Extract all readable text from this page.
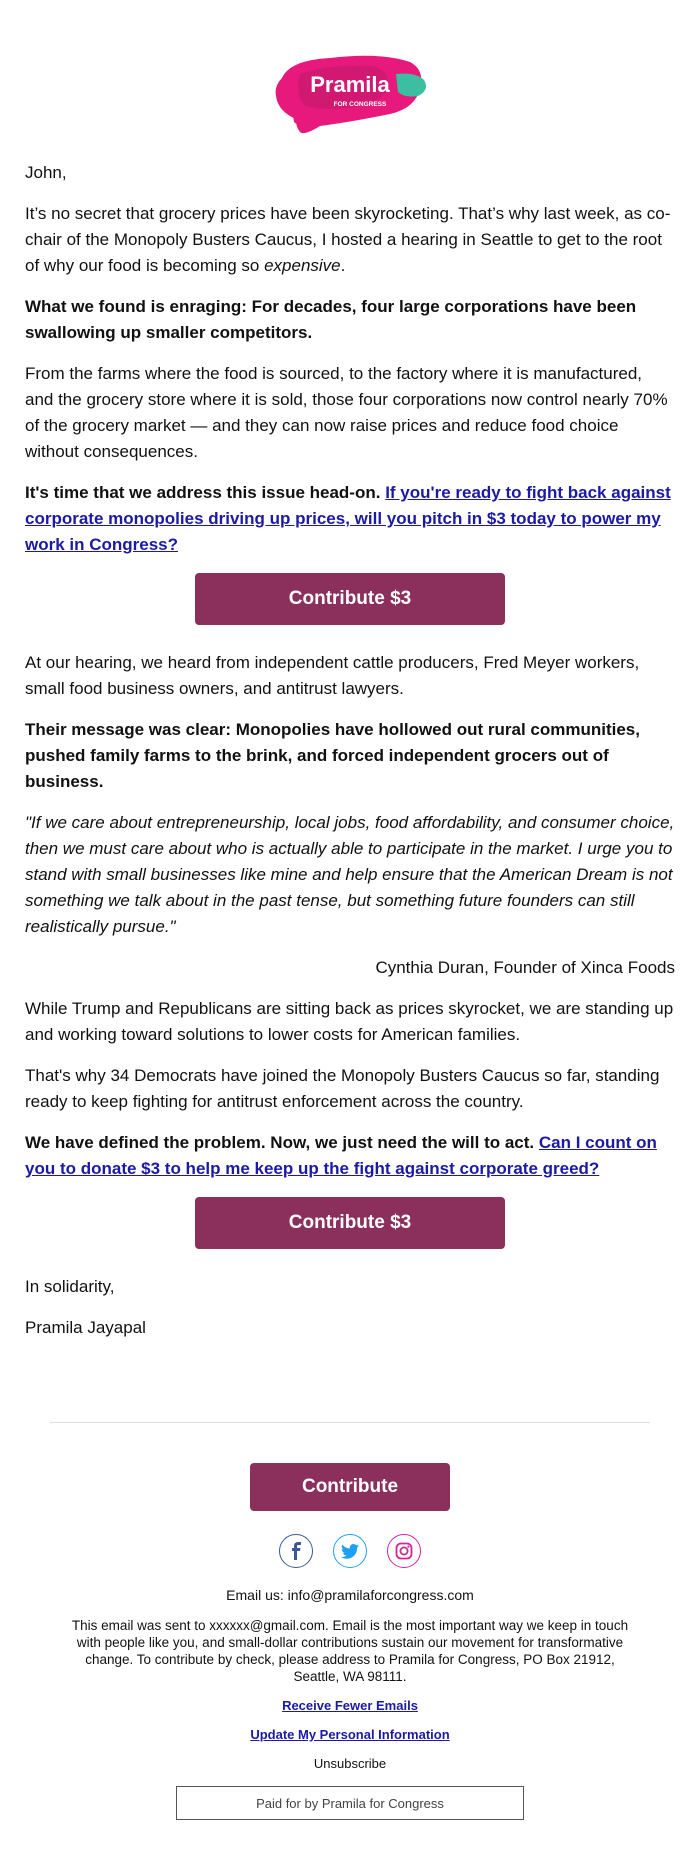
Pramila
FOR CONGRESS

John,

It’s no secret that grocery prices have been skyrocketing. That’s why last week, as co-chair of the Monopoly Busters Caucus, I hosted a hearing in Seattle to get to the root of why our food is becoming so expensive.

What we found is enraging: For decades, four large corporations have been swallowing up smaller competitors.

From the farms where the food is sourced, to the factory where it is manufactured, and the grocery store where it is sold, those four corporations now control nearly 70% of the grocery market — and they can now raise prices and reduce food choice without consequences.

It's time that we address this issue head-on. If you're ready to fight back against corporate monopolies driving up prices, will you pitch in $3 today to power my work in Congress?

Contribute $3

At our hearing, we heard from independent cattle producers, Fred Meyer workers, small food business owners, and antitrust lawyers.

Their message was clear: Monopolies have hollowed out rural communities, pushed family farms to the brink, and forced independent grocers out of business.

"If we care about entrepreneurship, local jobs, food affordability, and consumer choice, then we must care about who is actually able to participate in the market. I urge you to stand with small businesses like mine and help ensure that the American Dream is not something we talk about in the past tense, but something future founders can still realistically pursue."

Cynthia Duran, Founder of Xinca Foods

While Trump and Republicans are sitting back as prices skyrocket, we are standing up and working toward solutions to lower costs for American families.

That's why 34 Democrats have joined the Monopoly Busters Caucus so far, standing ready to keep fighting for antitrust enforcement across the country.

We have defined the problem. Now, we just need the will to act. Can I count on you to donate $3 to help me keep up the fight against corporate greed?

Contribute $3

In solidarity,

Pramila Jayapal

Contribute
Email us: info@pramilaforcongress.com
This email was sent to xxxxxx@gmail.com. Email is the most important way we keep in touch with people like you, and small-dollar contributions sustain our movement for transformative change. To contribute by check, please address to Pramila for Congress, PO Box 21912, Seattle, WA 98111.
Receive Fewer Emails
Update My Personal Information
Unsubscribe
Paid for by Pramila for Congress
